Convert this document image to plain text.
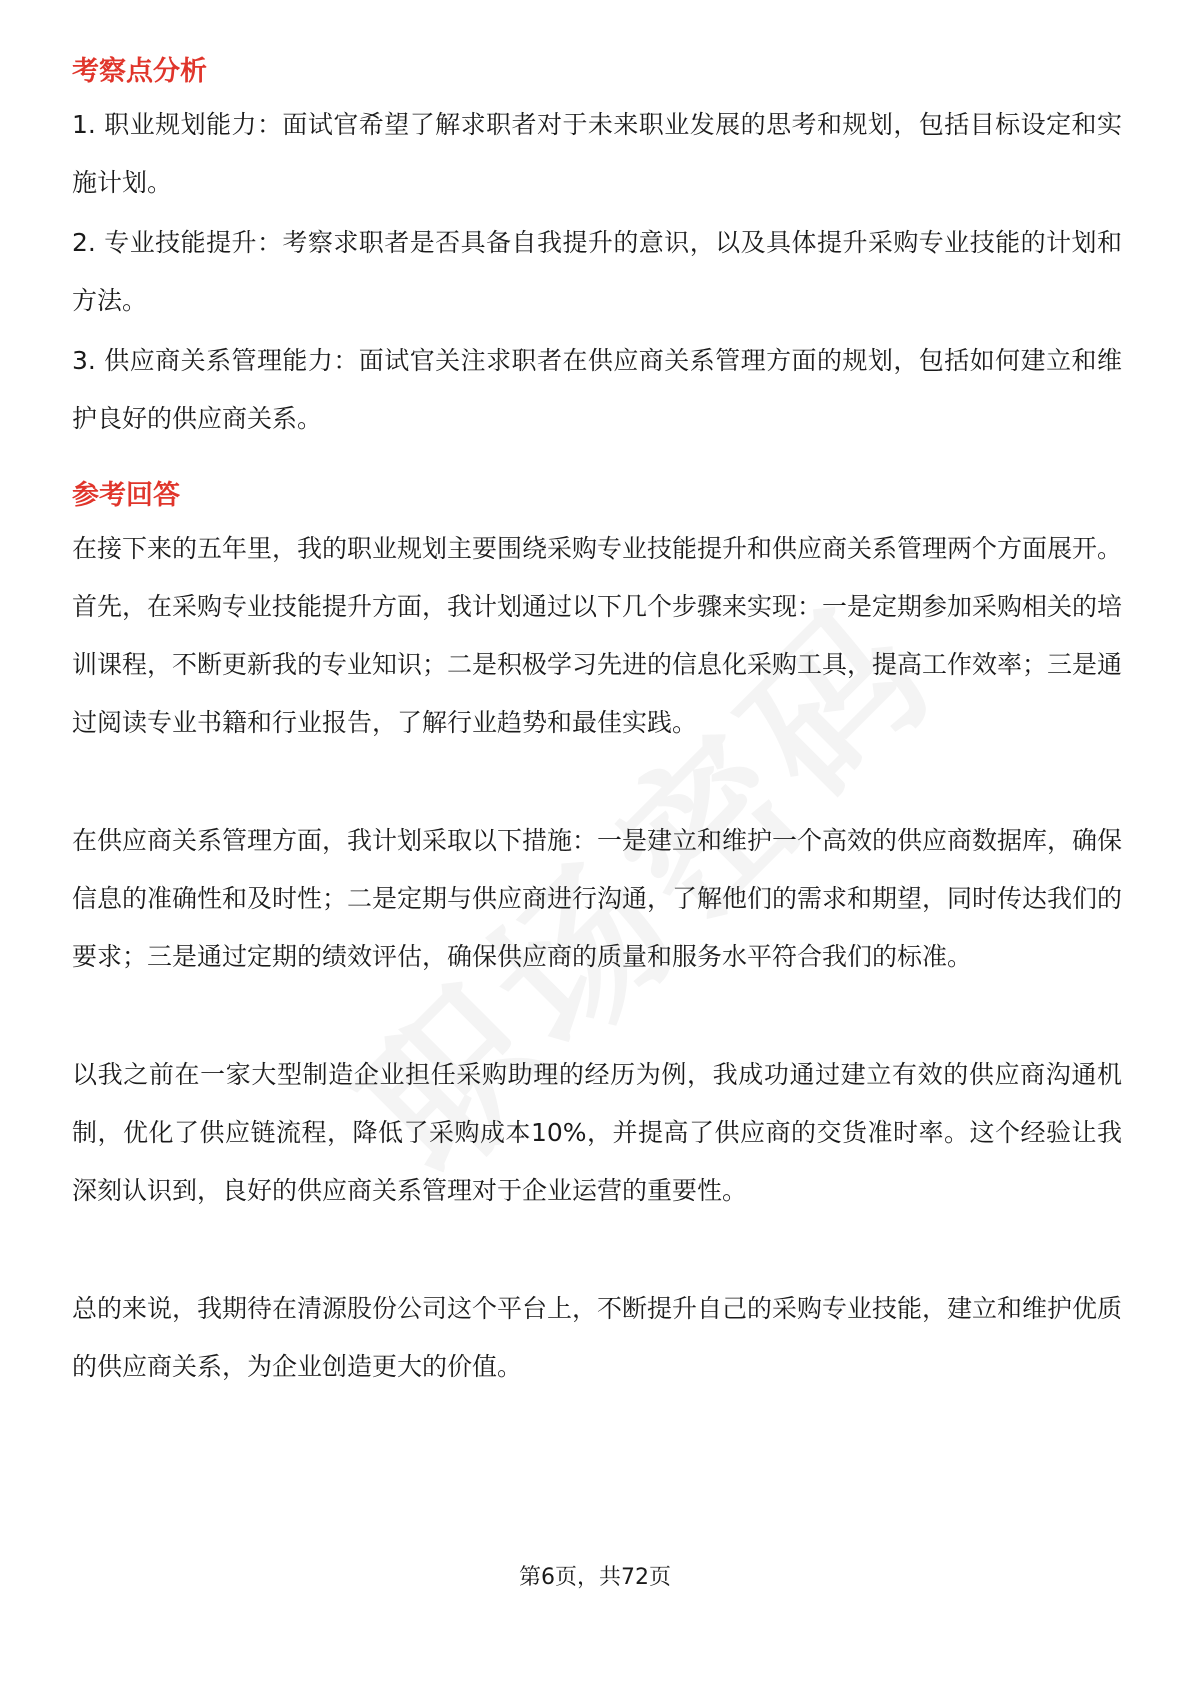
考察点分析

1. 职业规划能力：面试官希望了解求职者对于未来职业发展的思考和规划，包括目标设定和实施计划。

2. 专业技能提升：考察求职者是否具备自我提升的意识，以及具体提升采购专业技能的计划和方法。

3. 供应商关系管理能力：面试官关注求职者在供应商关系管理方面的规划，包括如何建立和维护良好的供应商关系。

参考回答

在接下来的五年里，我的职业规划主要围绕采购专业技能提升和供应商关系管理两个方面展开。首先，在采购专业技能提升方面，我计划通过以下几个步骤来实现：一是定期参加采购相关的培训课程，不断更新我的专业知识；二是积极学习先进的信息化采购工具，提高工作效率；三是通过阅读专业书籍和行业报告，了解行业趋势和最佳实践。

在供应商关系管理方面，我计划采取以下措施：一是建立和维护一个高效的供应商数据库，确保信息的准确性和及时性；二是定期与供应商进行沟通，了解他们的需求和期望，同时传达我们的要求；三是通过定期的绩效评估，确保供应商的质量和服务水平符合我们的标准。

以我之前在一家大型制造企业担任采购助理的经历为例，我成功通过建立有效的供应商沟通机制，优化了供应链流程，降低了采购成本10%，并提高了供应商的交货准时率。这个经验让我深刻认识到，良好的供应商关系管理对于企业运营的重要性。

总的来说，我期待在清源股份公司这个平台上，不断提升自己的采购专业技能，建立和维护优质的供应商关系，为企业创造更大的价值。

第6页，共72页
